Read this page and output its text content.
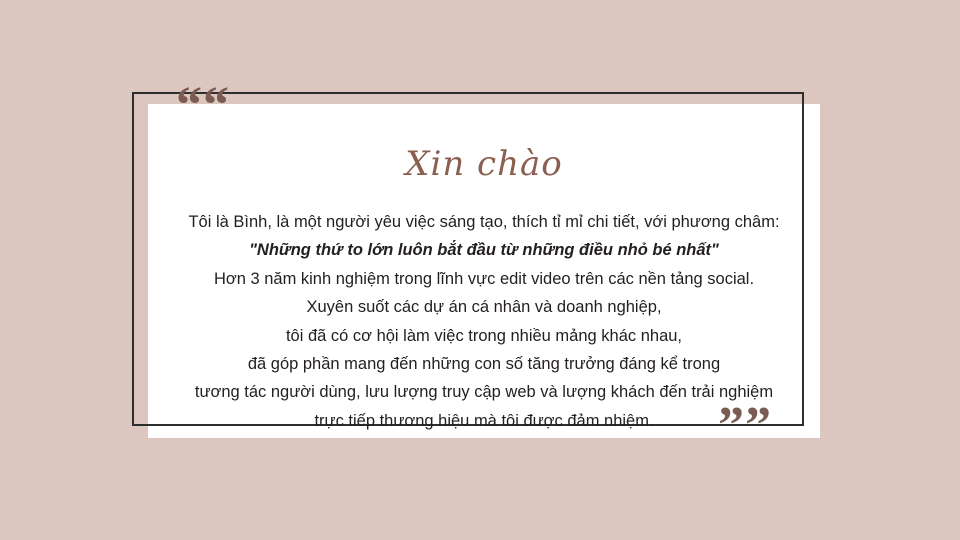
““
””
Xin chào
Tôi là Bình, là một người yêu việc sáng tạo, thích tỉ mỉ chi tiết, với phương châm:
"Những thứ to lớn luôn bắt đầu từ những điều nhỏ bé nhất"
Hơn 3 năm kinh nghiệm trong lĩnh vực edit video trên các nền tảng social.
Xuyên suốt các dự án cá nhân và doanh nghiệp,
tôi đã có cơ hội làm việc trong nhiều mảng khác nhau,
đã góp phần mang đến những con số tăng trưởng đáng kể trong
tương tác người dùng, lưu lượng truy cập web và lượng khách đến trải nghiệm
trực tiếp thương hiệu mà tôi được đảm nhiệm.
